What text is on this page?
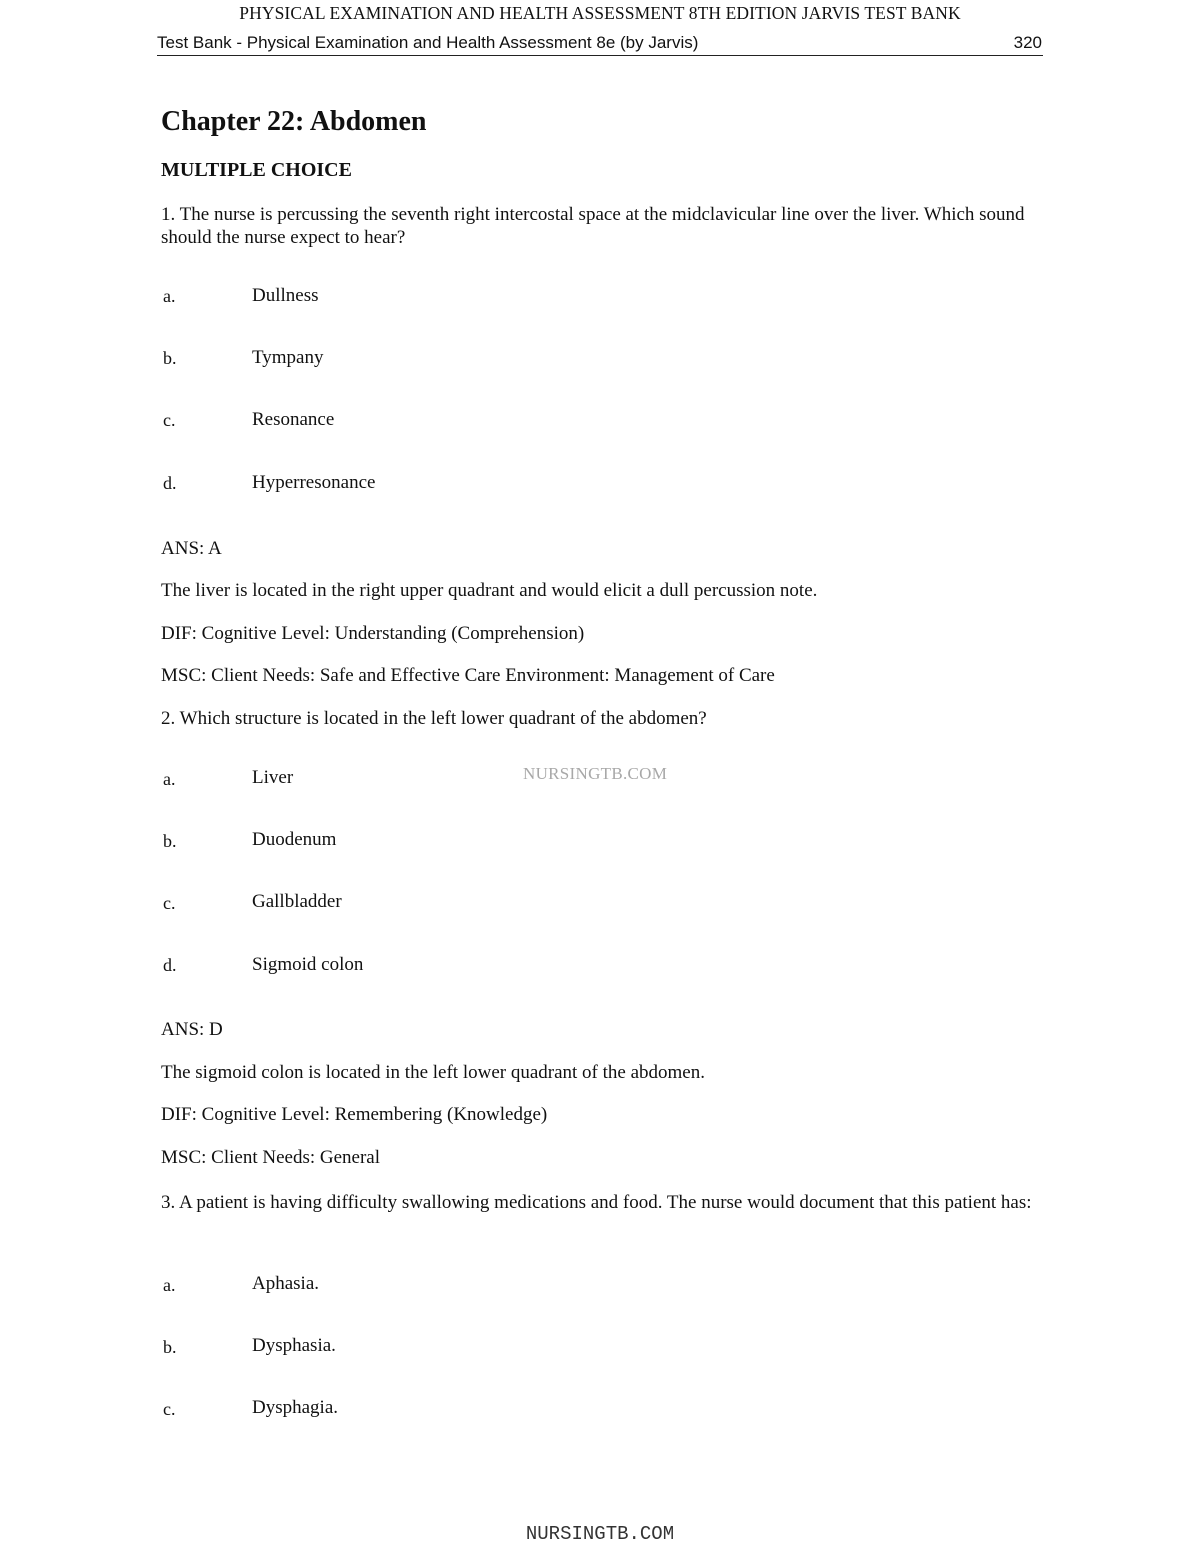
PHYSICAL EXAMINATION AND HEALTH ASSESSMENT 8TH EDITION JARVIS TEST BANK
Test Bank - Physical Examination and Health Assessment 8e (by Jarvis)	320
Chapter 22: Abdomen
MULTIPLE CHOICE
1. The nurse is percussing the seventh right intercostal space at the midclavicular line over the liver. Which sound should the nurse expect to hear?
a.	Dullness
b.	Tympany
c.	Resonance
d.	Hyperresonance
ANS: A
The liver is located in the right upper quadrant and would elicit a dull percussion note.
DIF: Cognitive Level: Understanding (Comprehension)
MSC: Client Needs: Safe and Effective Care Environment: Management of Care
2. Which structure is located in the left lower quadrant of the abdomen?
a.	Liver	NURSINGTB.COM
b.	Duodenum
c.	Gallbladder
d.	Sigmoid colon
ANS: D
The sigmoid colon is located in the left lower quadrant of the abdomen.
DIF: Cognitive Level: Remembering (Knowledge)
MSC: Client Needs: General
3. A patient is having difficulty swallowing medications and food. The nurse would document that this patient has:
a.	Aphasia.
b.	Dysphasia.
c.	Dysphagia.
NURSINGTB.COM
